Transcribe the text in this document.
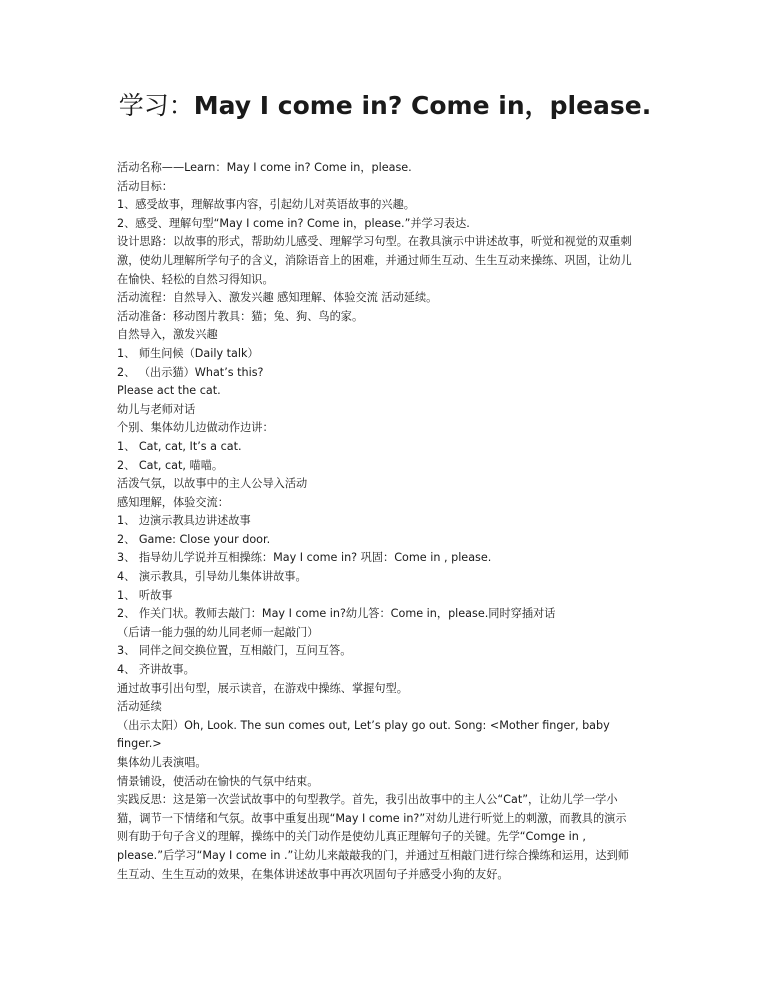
学习：May I come in? Come in，please.
活动名称——Learn：May I come in? Come in，please.
活动目标：
1、感受故事，理解故事内容，引起幼儿对英语故事的兴趣。
2、感受、理解句型“May I come in? Come in，please.”并学习表达.
设计思路：以故事的形式，帮助幼儿感受、理解学习句型。在教具演示中讲述故事，听觉和视觉的双重刺
激，使幼儿理解所学句子的含义，消除语音上的困难，并通过师生互动、生生互动来操练、巩固，让幼儿
在愉快、轻松的自然习得知识。
活动流程：自然导入、激发兴趣 感知理解、体验交流 活动延续。
活动准备：移动图片教具：猫；兔、狗、鸟的家。
自然导入，激发兴趣
1、 师生问候（Daily talk）
2、 （出示猫）What’s this?
Please act the cat.
幼儿与老师对话
个别、集体幼儿边做动作边讲：
1、 Cat, cat, It’s a cat.
2、 Cat, cat, 喵喵。
活泼气氛，以故事中的主人公导入活动
感知理解，体验交流：
1、 边演示教具边讲述故事
2、 Game: Close your door.
3、 指导幼儿学说并互相操练：May I come in? 巩固：Come in , please.
4、 演示教具，引导幼儿集体讲故事。
1、 听故事
2、 作关门状。教师去敲门：May I come in?幼儿答：Come in，please.同时穿插对话
（后请一能力强的幼儿同老师一起敲门）
3、 同伴之间交换位置，互相敲门，互问互答。
4、 齐讲故事。
通过故事引出句型，展示读音，在游戏中操练、掌握句型。
活动延续
（出示太阳）Oh, Look. The sun comes out, Let’s play go out. Song: <Mother finger, baby
finger.>
集体幼儿表演唱。
情景铺设，使活动在愉快的气氛中结束。
实践反思：这是第一次尝试故事中的句型教学。首先，我引出故事中的主人公“Cat”，让幼儿学一学小
猫，调节一下情绪和气氛。故事中重复出现“May I come in?”对幼儿进行听觉上的刺激，而教具的演示
则有助于句子含义的理解，操练中的关门动作是使幼儿真正理解句子的关键。先学“Comge in ,
please.”后学习“May I come in .”让幼儿来敲敲我的门，并通过互相敲门进行综合操练和运用，达到师
生互动、生生互动的效果，在集体讲述故事中再次巩固句子并感受小狗的友好。
